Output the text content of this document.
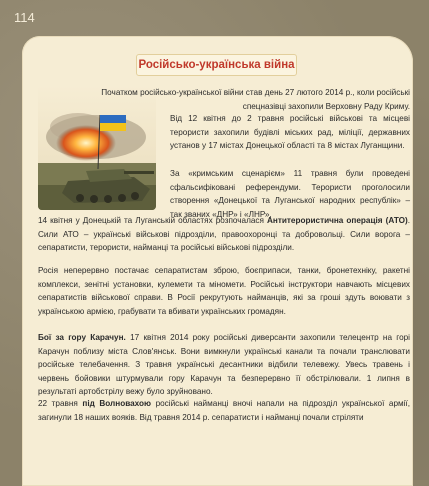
114
Російсько-українська війна

Початком російсько-української війни став день 27 лютого 2014 р., коли російські спецназівці захопили Верховну Раду Криму.

Від 12 квітня до 2 травня російські військові та місцеві терористи захопили будівлі міських рад, міліції, державних установ у 17 містах Донецької області та 8 містах Луганщини.

За «кримським сценарієм» 11 травня були проведені сфальсифіковані референдуми. Терористи проголосили створення «Донецької та Луганської народних республік» – так званих «ДНР» і «ЛНР».

14 квітня у Донецькій та Луганській областях розпочалася Антитерористична операція (АТО). Сили АТО – українські військові підрозділи, правоохоронці та добровольці. Сили ворога – сепаратисти, терористи, найманці та російські військові підрозділи.

Росія неперервно постачає сепаратистам зброю, боєприпаси, танки, бронетехніку, ракетні комплекси, зенітні установки, кулемети та міномети. Російські інструктори навчають місцевих сепаратистів військової справи. В Росії рекрутують найманців, які за гроші здуть воювати з українською армією, грабувати та вбивати українських громадян.

Бої за гору Карачун. 17 квітня 2014 року російські диверсанти захопили телецентр на горі Карачун поблизу міста Слов'янськ. Вони вимкнули українські канали та почали транслювати російське телебачення. З травня українські десантники відбили телевежу. Увесь травень і червень бойовики штурмували гору Карачун та безперервно її обстрілювали. 1 липня в результаті артобстрілу вежу було зруйновано.

22 травня під Волновахою російські найманці вночі напали на підрозділ української армії, загинули 18 наших вояків. Від травня 2014 р. сепаратисти і найманці почали стріляти
